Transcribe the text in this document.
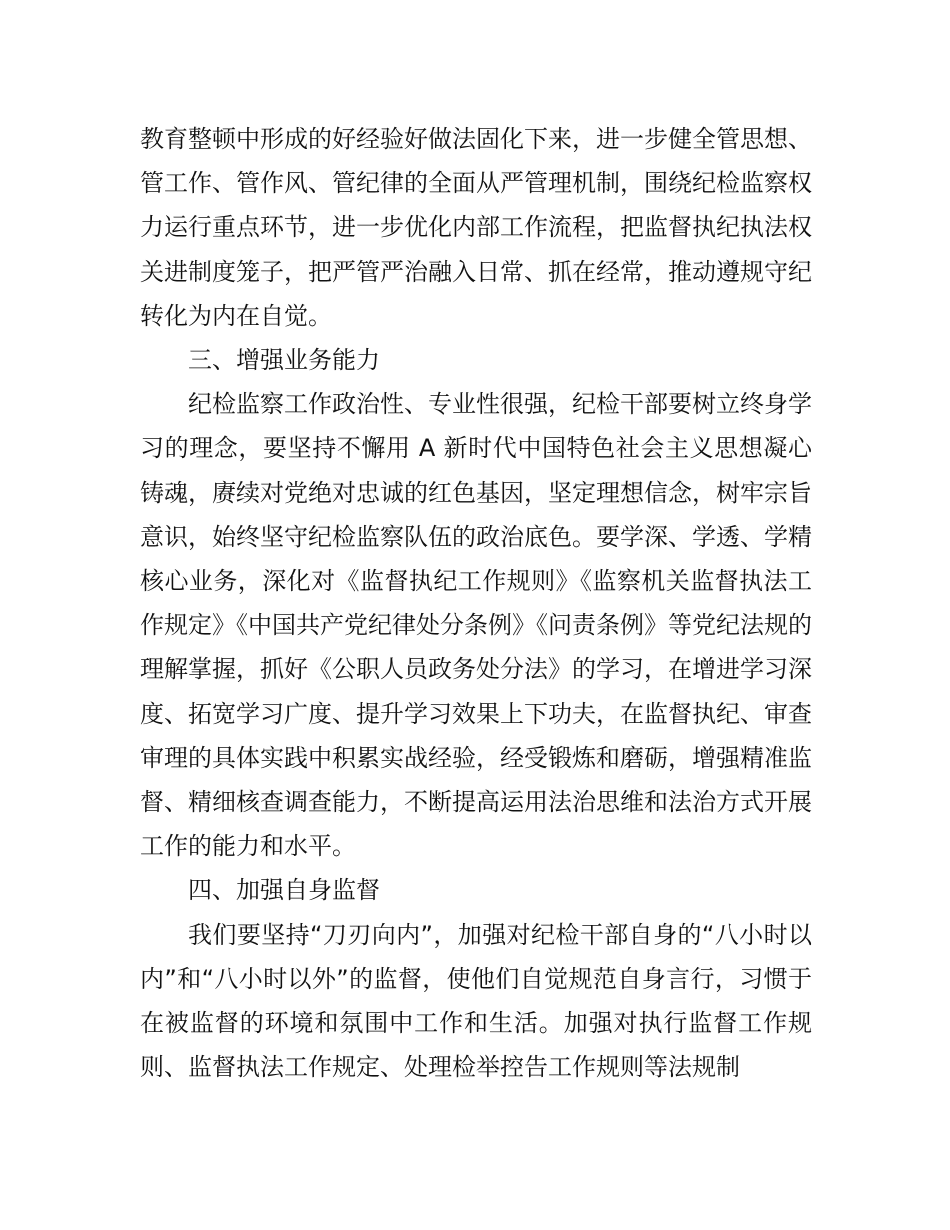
教育整顿中形成的好经验好做法固化下来，进一步健全管思想、管工作、管作风、管纪律的全面从严管理机制，围绕纪检监察权力运行重点环节，进一步优化内部工作流程，把监督执纪执法权关进制度笼子，把严管严治融入日常、抓在经常，推动遵规守纪转化为内在自觉。

三、增强业务能力

纪检监察工作政治性、专业性很强，纪检干部要树立终身学习的理念，要坚持不懈用 A 新时代中国特色社会主义思想凝心铸魂，赓续对党绝对忠诚的红色基因，坚定理想信念，树牢宗旨意识，始终坚守纪检监察队伍的政治底色。要学深、学透、学精核心业务，深化对《监督执纪工作规则》《监察机关监督执法工作规定》《中国共产党纪律处分条例》《问责条例》等党纪法规的理解掌握，抓好《公职人员政务处分法》的学习，在增进学习深度、拓宽学习广度、提升学习效果上下功夫，在监督执纪、审查审理的具体实践中积累实战经验，经受锻炼和磨砺，增强精准监督、精细核查调查能力，不断提高运用法治思维和法治方式开展工作的能力和水平。

四、加强自身监督

我们要坚持“刀刃向内”，加强对纪检干部自身的“八小时以内”和“八小时以外”的监督，使他们自觉规范自身言行，习惯于在被监督的环境和氛围中工作和生活。加强对执行监督工作规则、监督执法工作规定、处理检举控告工作规则等法规制
